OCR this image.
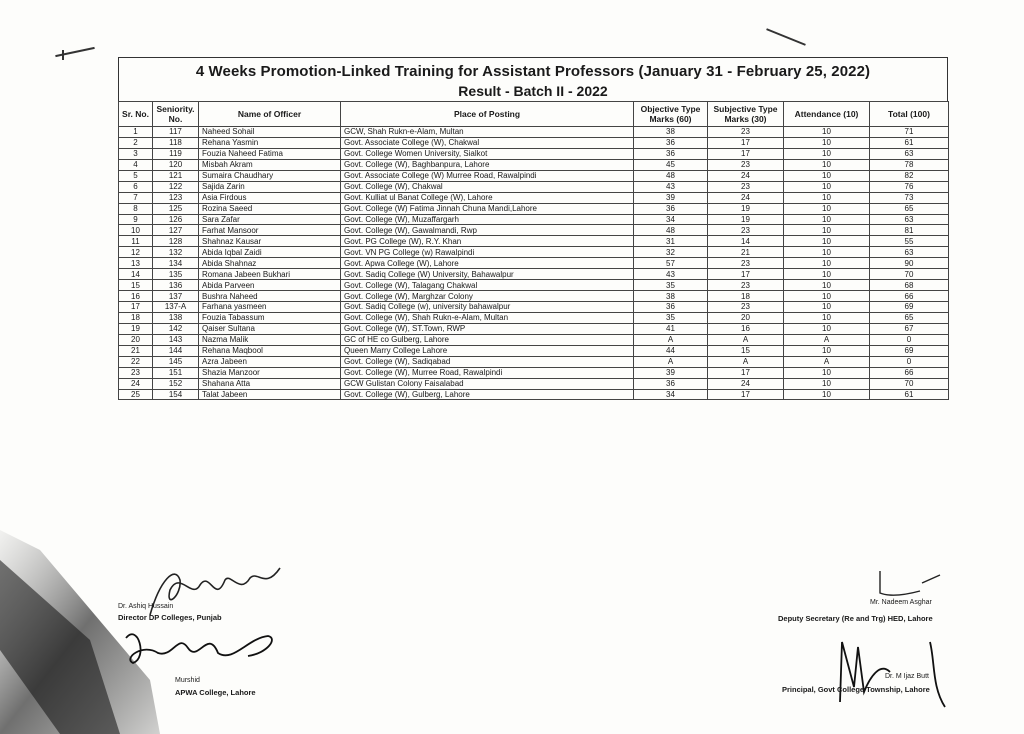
4 Weeks Promotion-Linked Training for Assistant Professors (January 31 - February 25, 2022)
Result - Batch II - 2022
Sr. No.	Seniority. No.	Name of Officer	Place of Posting	Objective Type Marks (60)	Subjective Type Marks (30)	Attendance (10)	Total (100)
1	117	Naheed Sohail	GCW, Shah Rukn-e-Alam, Multan	38	23	10	71
2	118	Rehana Yasmin	Govt. Associate College (W), Chakwal	36	17	10	61
3	119	Fouzia Naheed Fatima	Govt. College Women University, Sialkot	36	17	10	63
4	120	Misbah Akram	Govt. College (W), Baghbanpura, Lahore	45	23	10	78
5	121	Sumaira Chaudhary	Govt. Associate College (W) Murree Road, Rawalpindi	48	24	10	82
6	122	Sajida Zarin	Govt. College (W), Chakwal	43	23	10	76
7	123	Asia Firdous	Govt. Kulliat ul Banat College (W), Lahore	39	24	10	73
8	125	Rozina Saeed	Govt. College (W) Fatima Jinnah Chuna Mandi,Lahore	36	19	10	65
9	126	Sara Zafar	Govt. College (W), Muzaffargarh	34	19	10	63
10	127	Farhat Mansoor	Govt. College (W), Gawalmandi, Rwp	48	23	10	81
11	128	Shahnaz Kausar	Govt. PG College (W), R.Y. Khan	31	14	10	55
12	132	Abida Iqbal Zaidi	Govt. VN PG College (w) Rawalpindi	32	21	10	63
13	134	Abida Shahnaz	Govt. Apwa College (W), Lahore	57	23	10	90
14	135	Romana Jabeen Bukhari	Govt. Sadiq College (W) University, Bahawalpur	43	17	10	70
15	136	Abida Parveen	Govt. College (W), Talagang Chakwal	35	23	10	68
16	137	Bushra Naheed	Govt. College (W), Marghzar Colony	38	18	10	66
17	137-A	Farhana yasmeen	Govt. Sadiq College (w), university bahawalpur	36	23	10	69
18	138	Fouzia Tabassum	Govt. College (W), Shah Rukn-e-Alam, Multan	35	20	10	65
19	142	Qaiser Sultana	Govt. College (W), ST.Town, RWP	41	16	10	67
20	143	Nazma Malik	GC of HE co Gulberg, Lahore	A	A	A	0
21	144	Rehana Maqbool	Queen Marry College Lahore	44	15	10	69
22	145	Azra Jabeen	Govt. College (W), Sadiqabad	A	A	A	0
23	151	Shazia Manzoor	Govt. College (W), Murree Road, Rawalpindi	39	17	10	66
24	152	Shahana Atta	GCW Gulistan Colony Faisalabad	36	24	10	70
25	154	Talat Jabeen	Govt. College (W), Gulberg, Lahore	34	17	10	61
Dr. Ashiq Hussain
Director DP Colleges, Punjab
Murshid
APWA College, Lahore
Mr. Nadeem Asghar
Deputy Secretary (Re and Trg) HED, Lahore
Dr. M Ijaz Butt
Principal, Govt College Township, Lahore
